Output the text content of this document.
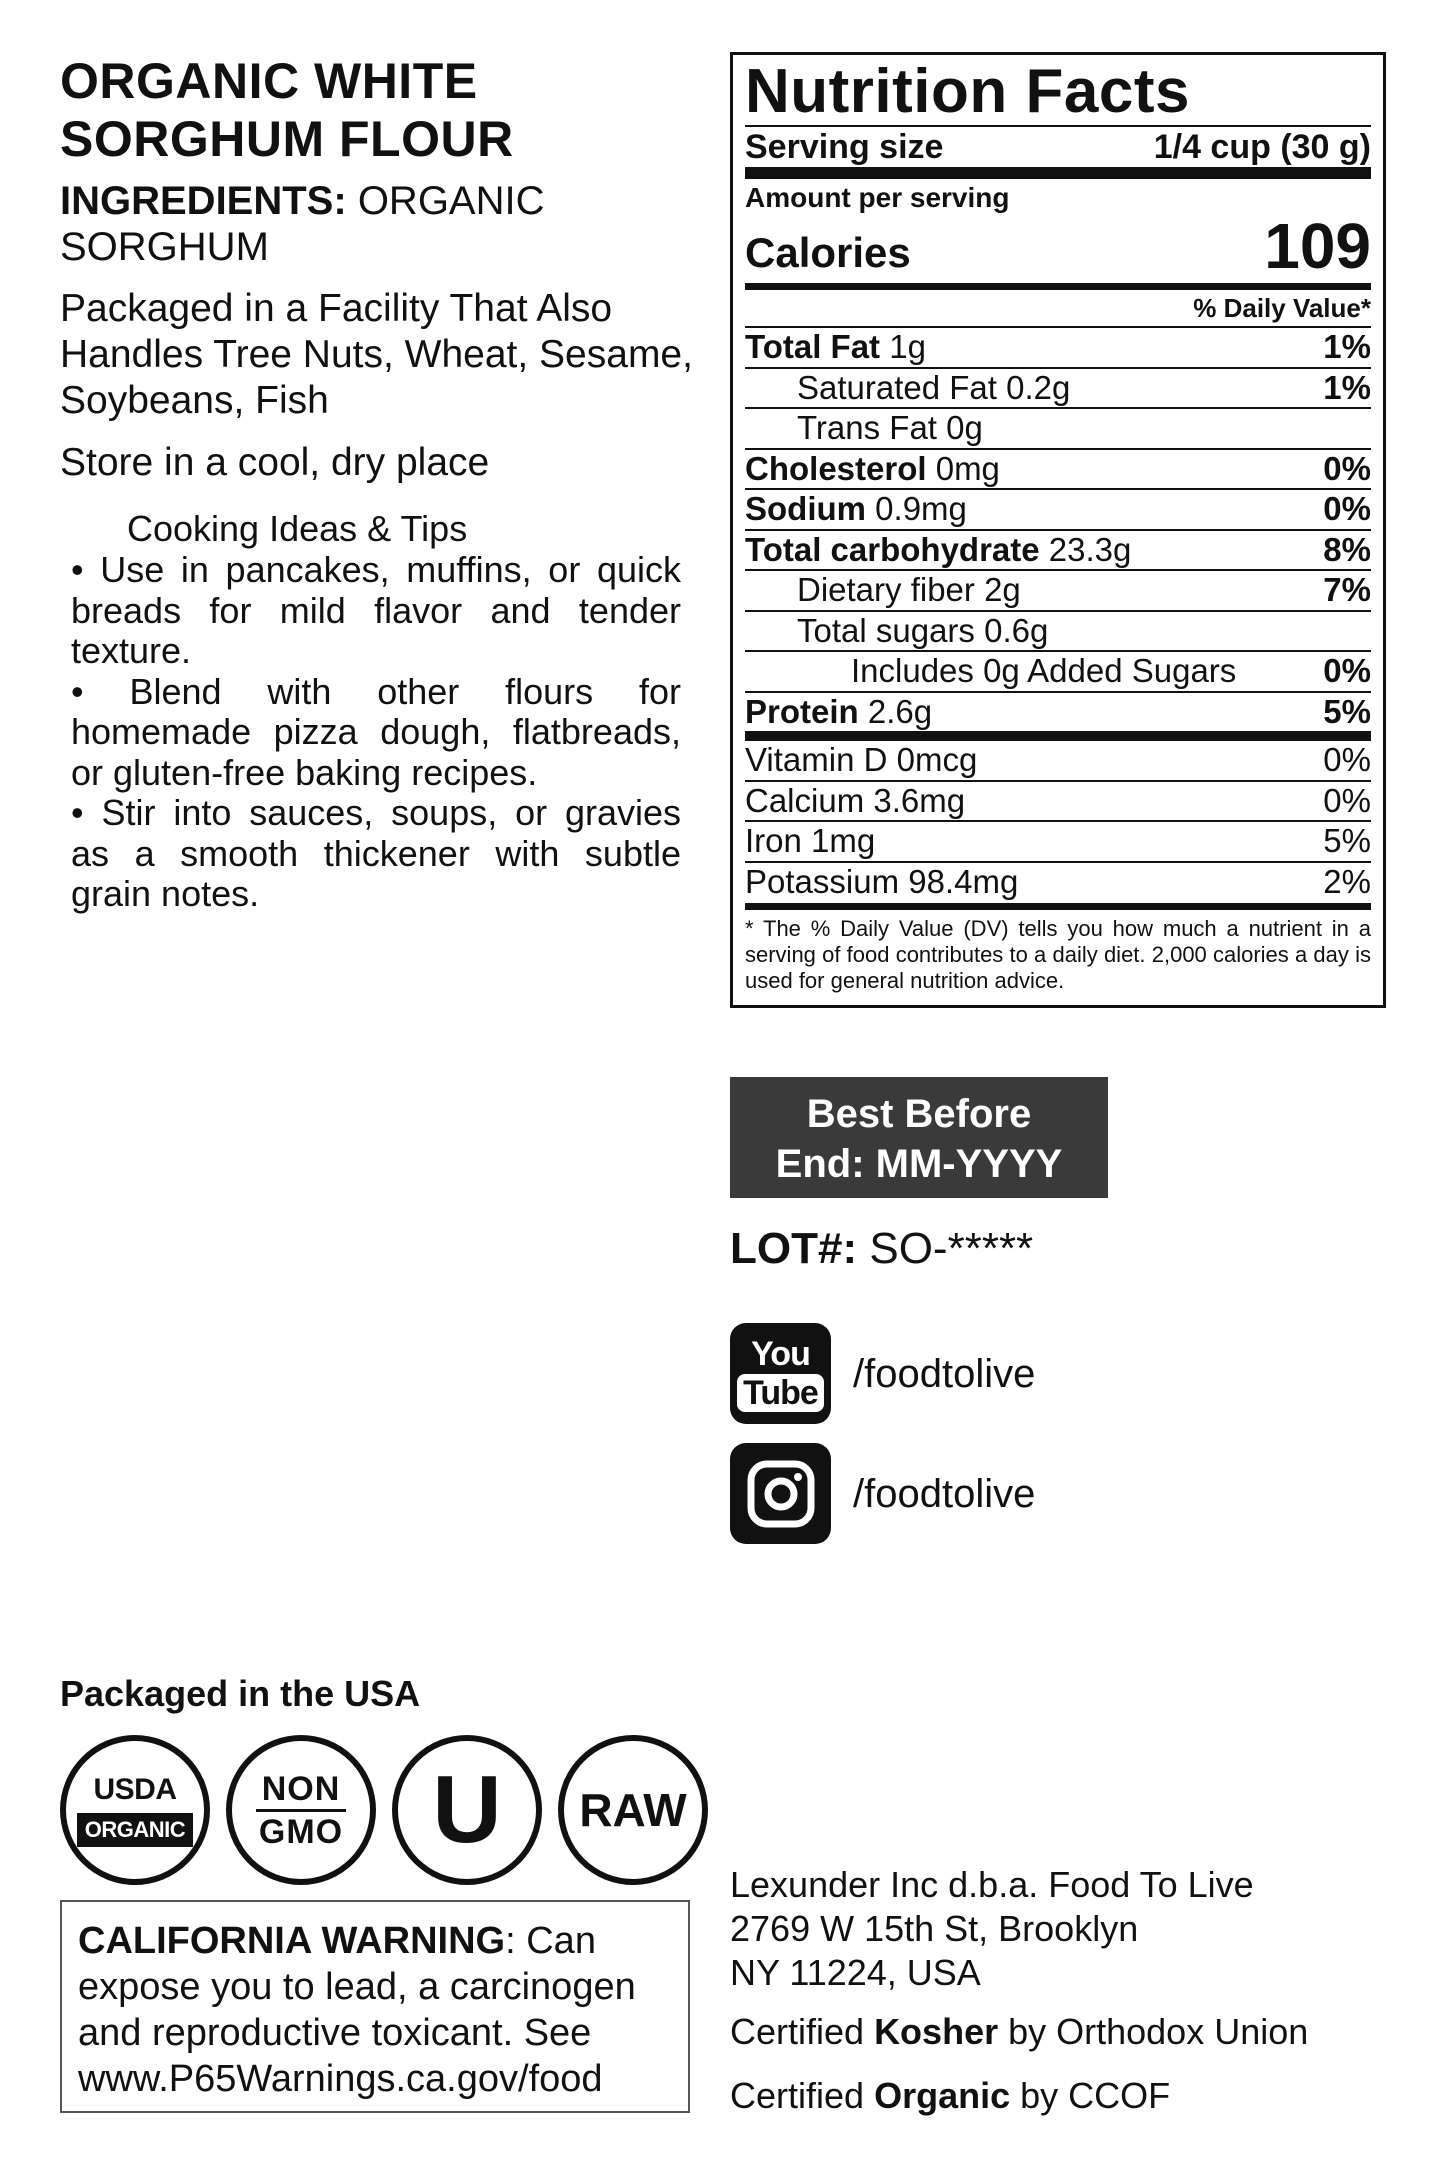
ORGANIC WHITE
SORGHUM FLOUR
INGREDIENTS: ORGANIC SORGHUM
Packaged in a Facility That Also Handles Tree Nuts, Wheat, Sesame, Soybeans, Fish
Store in a cool, dry place
Cooking Ideas & Tips
• Use in pancakes, muffins, or quick breads for mild flavor and tender texture.
• Blend with other flours for homemade pizza dough, flatbreads, or gluten-free baking recipes.
• Stir into sauces, soups, or gravies as a smooth thickener with subtle grain notes.
Nutrition Facts
Serving size	1/4 cup (30 g)
Amount per serving
Calories	109
% Daily Value*
Total Fat 1g	1%
Saturated Fat 0.2g	1%
Trans Fat 0g
Cholesterol 0mg	0%
Sodium 0.9mg	0%
Total carbohydrate 23.3g	8%
Dietary fiber 2g	7%
Total sugars 0.6g
Includes 0g Added Sugars	0%
Protein 2.6g	5%
Vitamin D 0mcg	0%
Calcium 3.6mg	0%
Iron 1mg	5%
Potassium 98.4mg	2%
* The % Daily Value (DV) tells you how much a nutrient in a serving of food contributes to a daily diet. 2,000 calories a day is used for general nutrition advice.
Best Before
End: MM-YYYY
LOT#: SO-*****
You
Tube /foodtolive
/foodtolive
Packaged in the USA
USDA
ORGANIC
NON
GMO U RAW
CALIFORNIA WARNING: Can expose you to lead, a carcinogen and reproductive toxicant. See www.P65Warnings.ca.gov/food
Lexunder Inc d.b.a. Food To Live
2769 W 15th St, Brooklyn
NY 11224, USA
Certified Kosher by Orthodox Union
Certified Organic by CCOF
